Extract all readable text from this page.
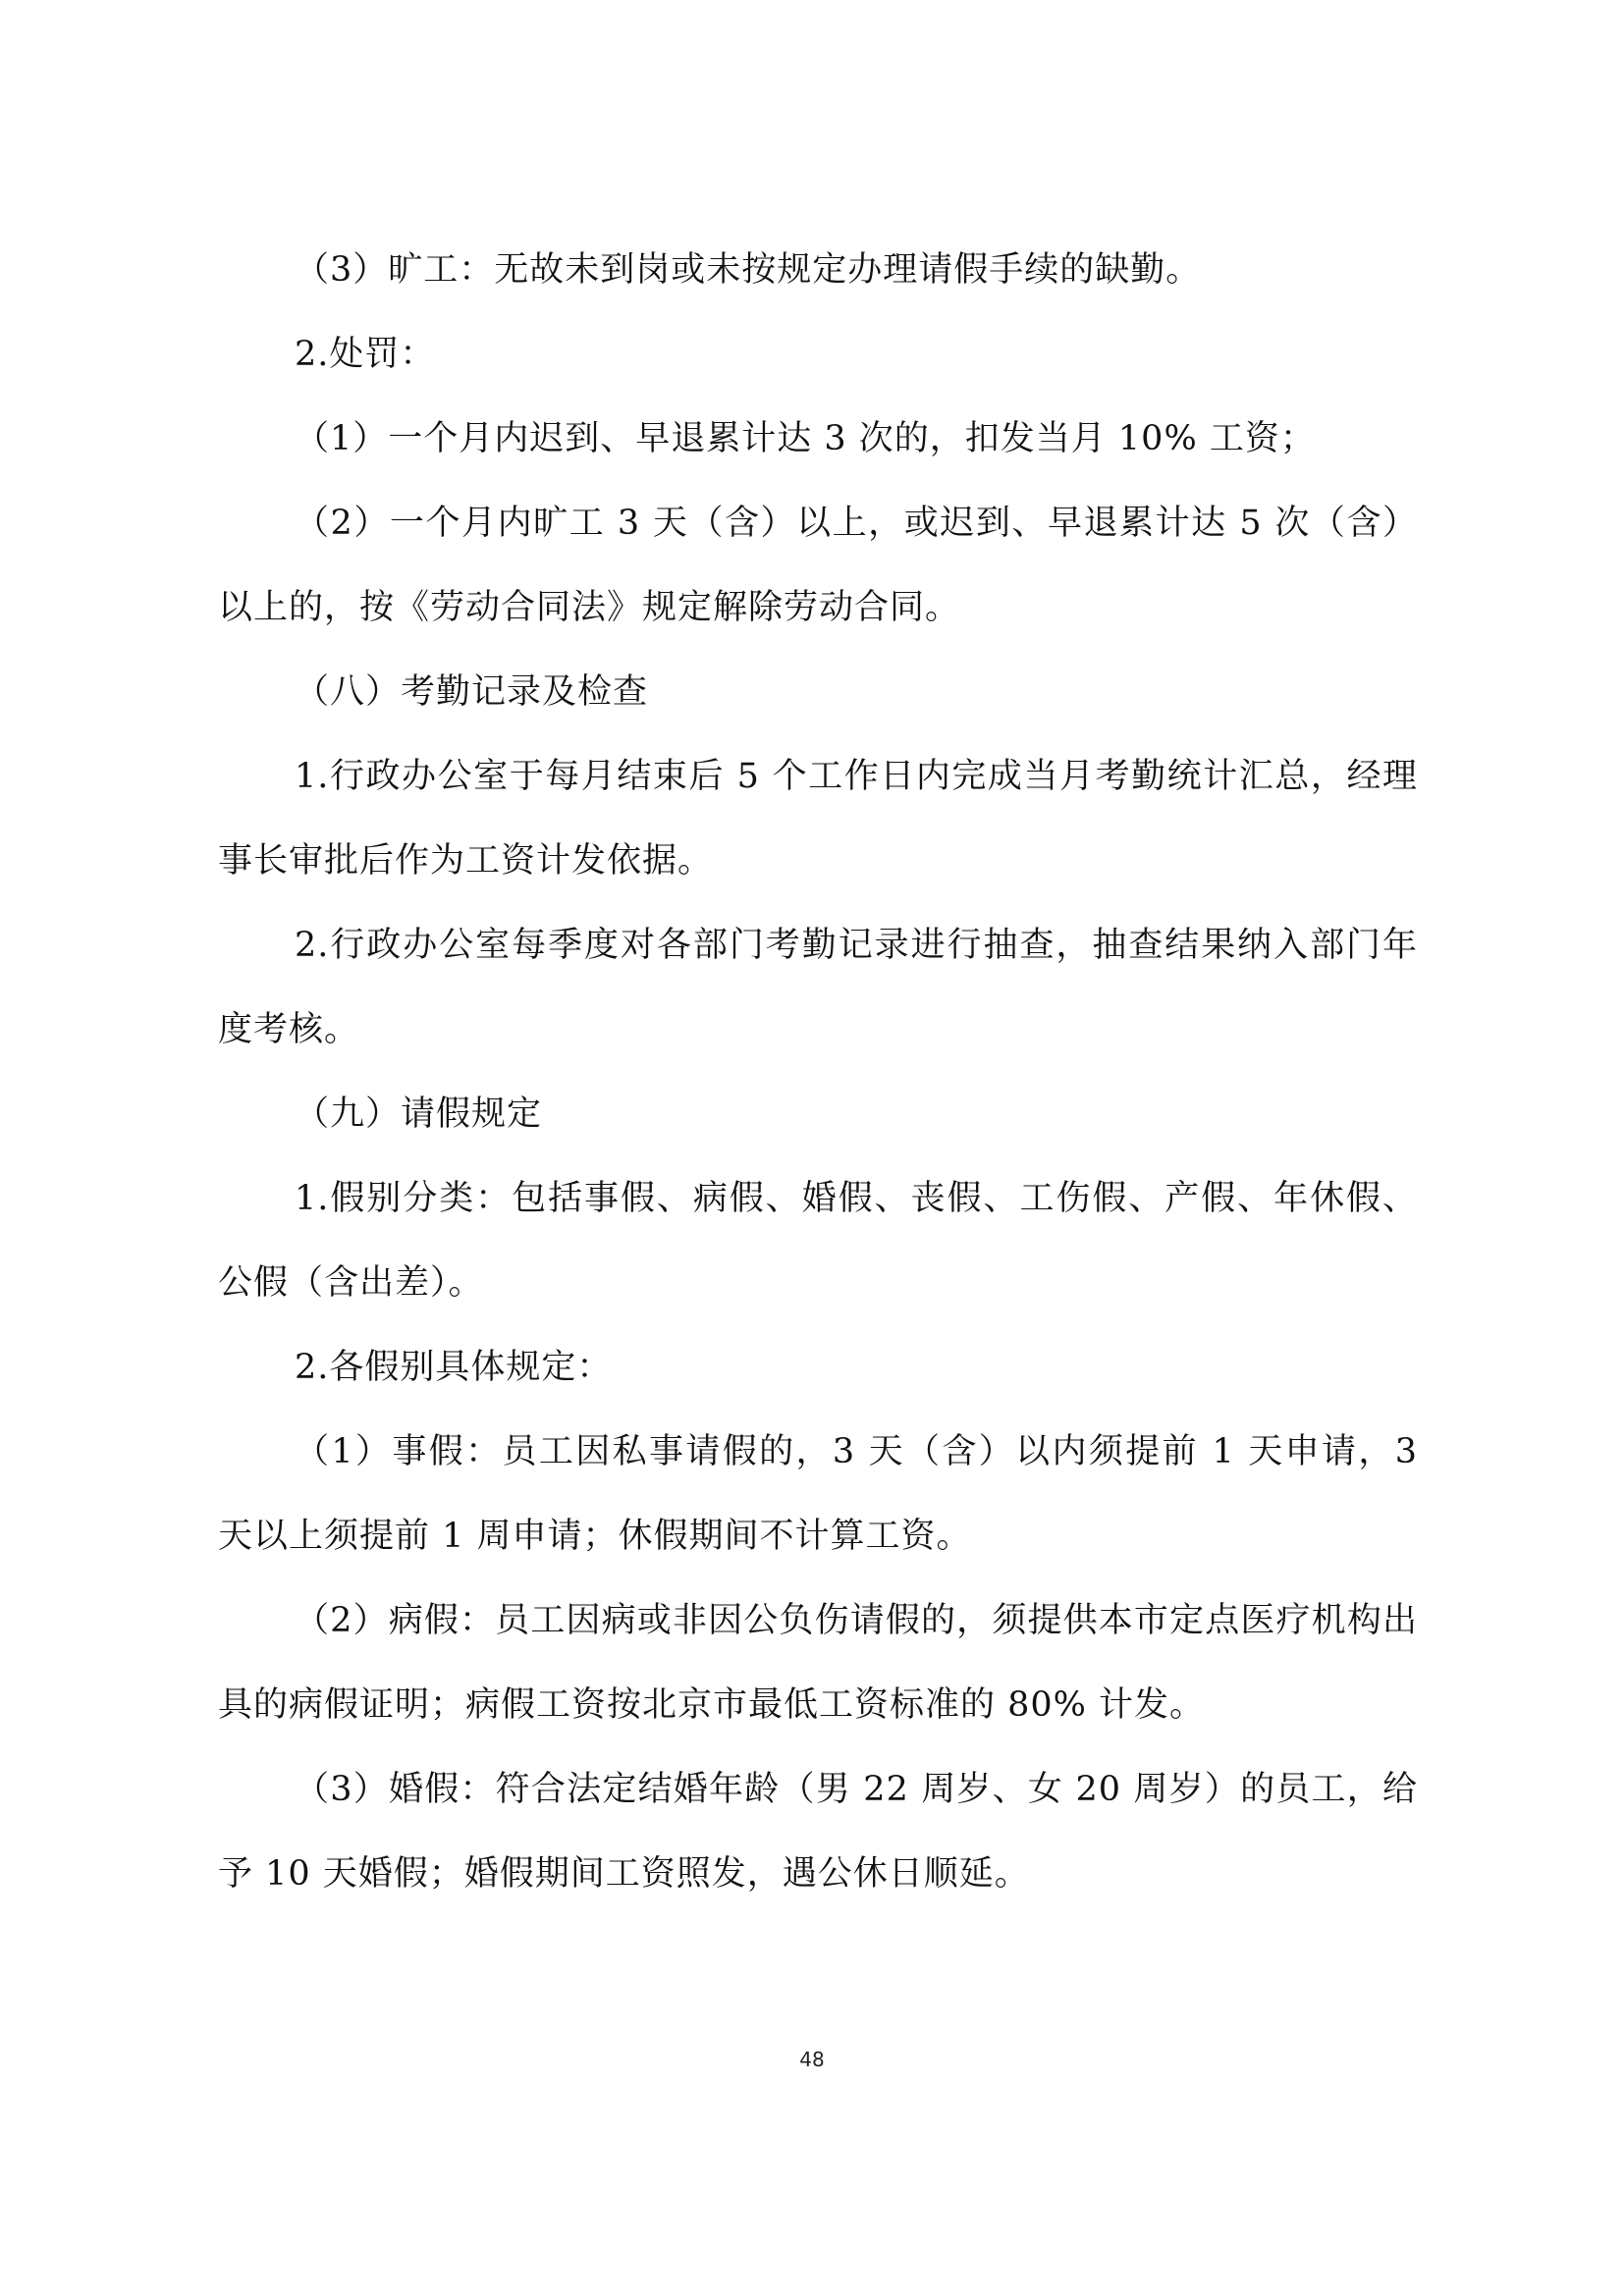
（3）旷工：无故未到岗或未按规定办理请假手续的缺勤。

2.处罚：

（1）一个月内迟到、早退累计达 3 次的，扣发当月 10% 工资；

（2）一个月内旷工 3 天（含）以上，或迟到、早退累计达 5 次（含）以上的，按《劳动合同法》规定解除劳动合同。

（八）考勤记录及检查

1.行政办公室于每月结束后 5 个工作日内完成当月考勤统计汇总，经理事长审批后作为工资计发依据。

2.行政办公室每季度对各部门考勤记录进行抽查，抽查结果纳入部门年度考核。

（九）请假规定

1.假别分类：包括事假、病假、婚假、丧假、工伤假、产假、年休假、公假（含出差）。

2.各假别具体规定：

（1）事假：员工因私事请假的，3 天（含）以内须提前 1 天申请，3 天以上须提前 1 周申请；休假期间不计算工资。

（2）病假：员工因病或非因公负伤请假的，须提供本市定点医疗机构出具的病假证明；病假工资按北京市最低工资标准的 80% 计发。

（3）婚假：符合法定结婚年龄（男 22 周岁、女 20 周岁）的员工，给予 10 天婚假；婚假期间工资照发，遇公休日顺延。

48
